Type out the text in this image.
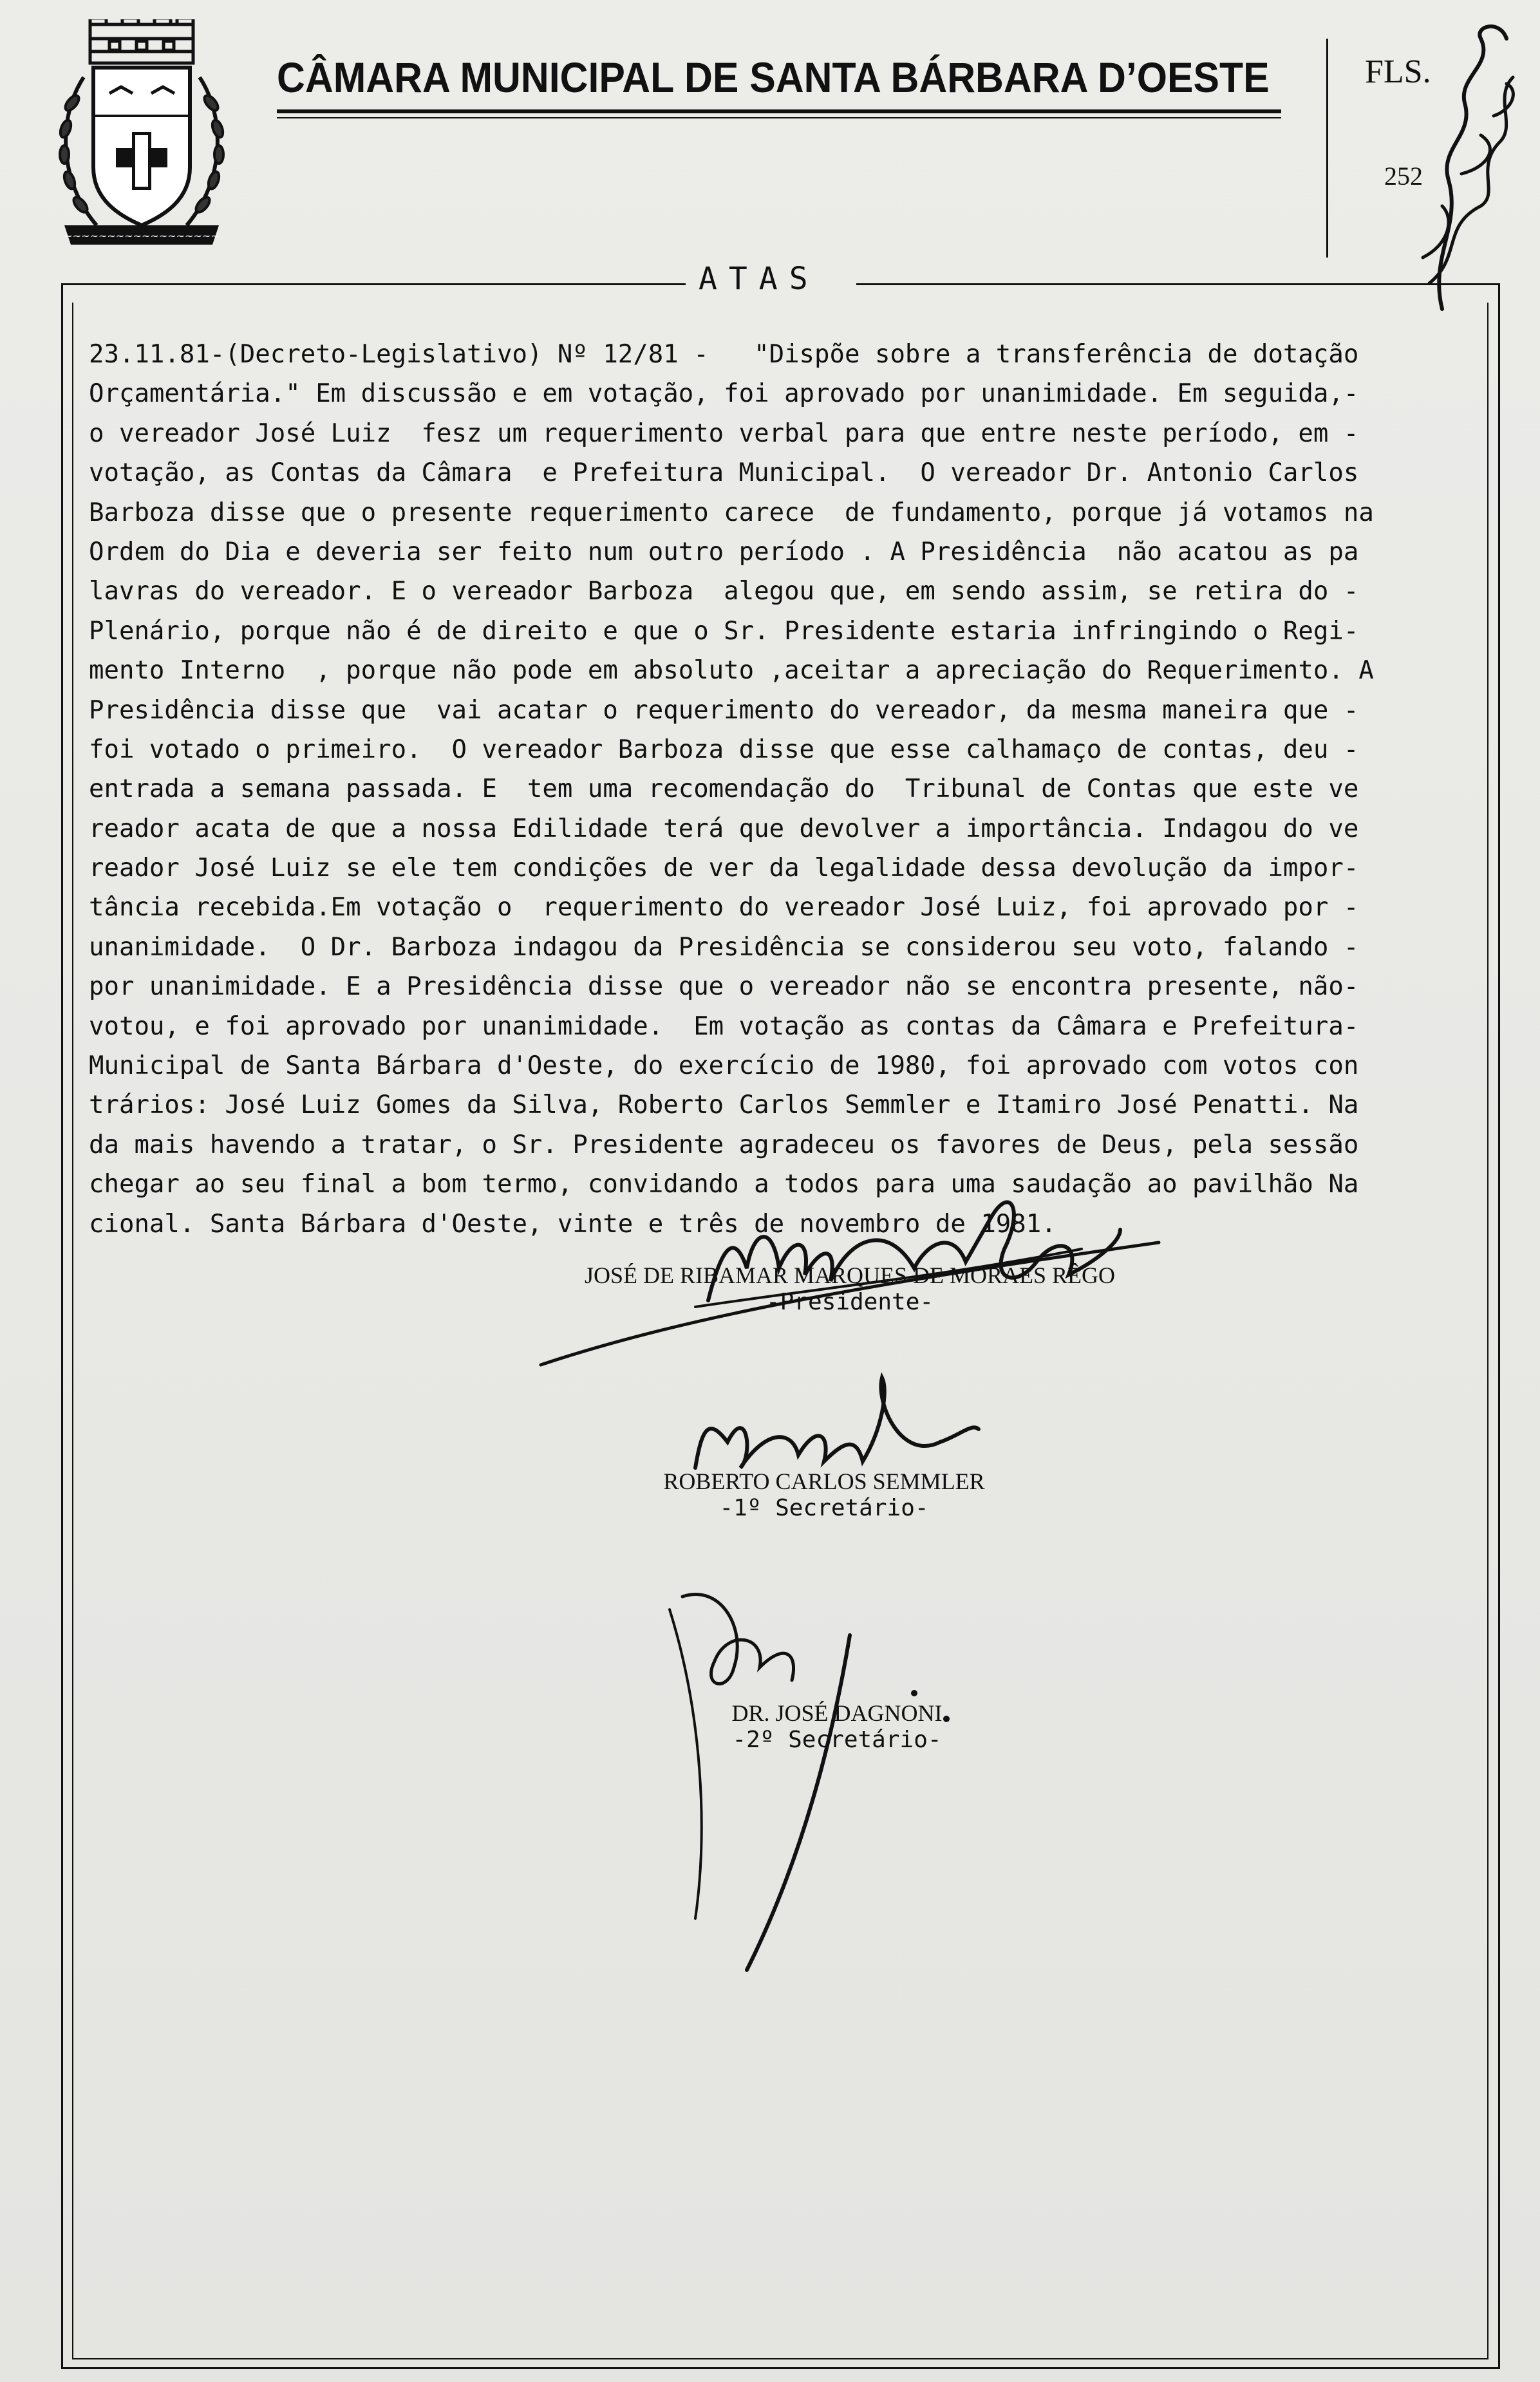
~~~~~~~~~~~~~~~~~~
CÂMARA MUNICIPAL DE SANTA BÁRBARA D’OESTE	FLS.
252
ATAS
23.11.81-(Decreto-Legislativo) Nº 12/81 -   "Dispõe sobre a transferência de dotação
Orçamentária." Em discussão e em votação, foi aprovado por unanimidade. Em seguida,-
o vereador José Luiz  fesz um requerimento verbal para que entre neste período, em -
votação, as Contas da Câmara  e Prefeitura Municipal.  O vereador Dr. Antonio Carlos
Barboza disse que o presente requerimento carece  de fundamento, porque já votamos na
Ordem do Dia e deveria ser feito num outro período . A Presidência  não acatou as pa
lavras do vereador. E o vereador Barboza  alegou que, em sendo assim, se retira do -
Plenário, porque não é de direito e que o Sr. Presidente estaria infringindo o Regi-
mento Interno  , porque não pode em absoluto ,aceitar a apreciação do Requerimento. A
Presidência disse que  vai acatar o requerimento do vereador, da mesma maneira que -
foi votado o primeiro.  O vereador Barboza disse que esse calhamaço de contas, deu -
entrada a semana passada. E  tem uma recomendação do  Tribunal de Contas que este ve
reador acata de que a nossa Edilidade terá que devolver a importância. Indagou do ve
reador José Luiz se ele tem condições de ver da legalidade dessa devolução da impor-
tância recebida.Em votação o  requerimento do vereador José Luiz, foi aprovado por -
unanimidade.  O Dr. Barboza indagou da Presidência se considerou seu voto, falando -
por unanimidade. E a Presidência disse que o vereador não se encontra presente, não-
votou, e foi aprovado por unanimidade.  Em votação as contas da Câmara e Prefeitura-
Municipal de Santa Bárbara d'Oeste, do exercício de 1980, foi aprovado com votos con
trários: José Luiz Gomes da Silva, Roberto Carlos Semmler e Itamiro José Penatti. Na
da mais havendo a tratar, o Sr. Presidente agradeceu os favores de Deus, pela sessão
chegar ao seu final a bom termo, convidando a todos para uma saudação ao pavilhão Na
cional. Santa Bárbara d'Oeste, vinte e três de novembro de 1981.
JOSÉ DE RIBAMAR MARQUES DE MORAES RÊGO
-Presidente-
ROBERTO CARLOS SEMMLER
-1º Secretário-
DR. JOSÉ DAGNONI
-2º Secretário-
